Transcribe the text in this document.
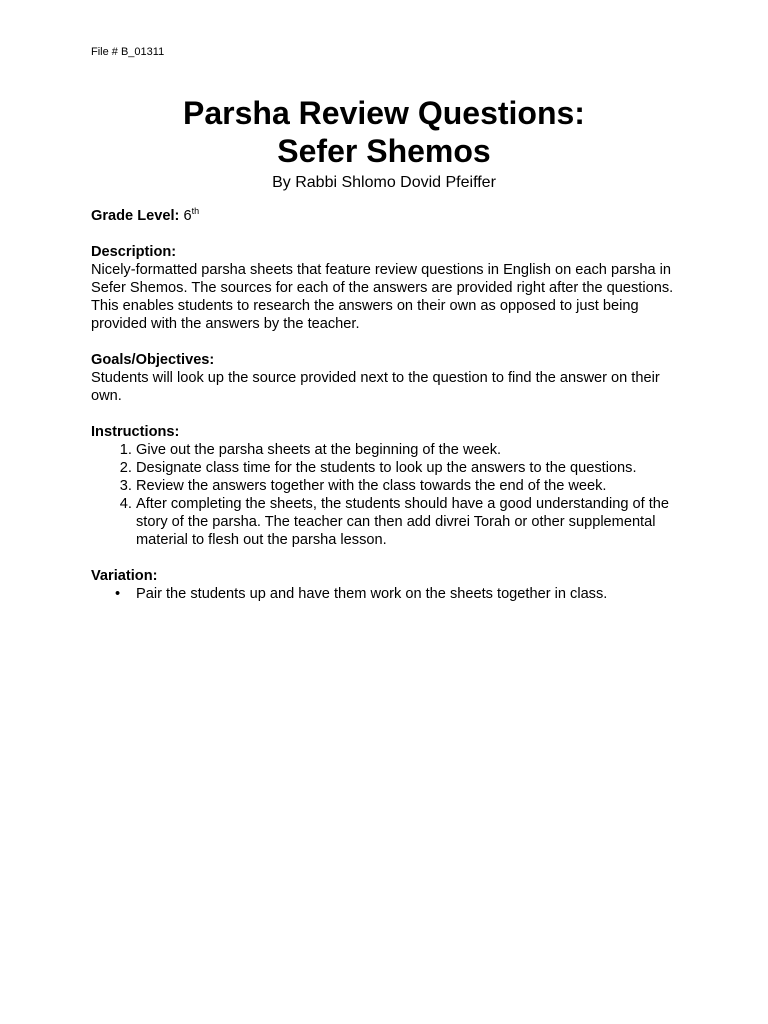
File # B_01311
Parsha Review Questions:
Sefer Shemos
By Rabbi Shlomo Dovid Pfeiffer
Grade Level: 6th
Description:

Nicely-formatted parsha sheets that feature review questions in English on each parsha in Sefer Shemos. The sources for each of the answers are provided right after the questions. This enables students to research the answers on their own as opposed to just being provided with the answers by the teacher.

Goals/Objectives:

Students will look up the source provided next to the question to find the answer on their own.

Instructions:
1. Give out the parsha sheets at the beginning of the week.
2. Designate class time for the students to look up the answers to the questions.
3. Review the answers together with the class towards the end of the week.
4. After completing the sheets, the students should have a good understanding of the story of the parsha. The teacher can then add divrei Torah or other supplemental material to flesh out the parsha lesson.
Variation:
• Pair the students up and have them work on the sheets together in class.
